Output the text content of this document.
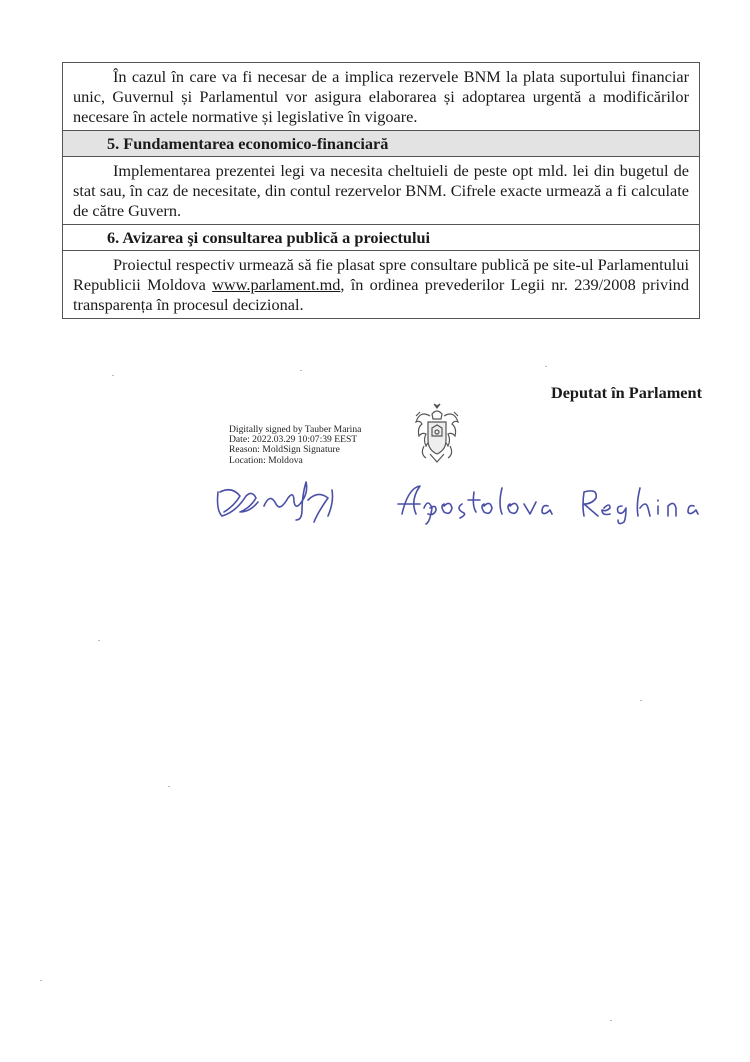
În cazul în care va fi necesar de a implica rezervele BNM la plata suportului financiar unic, Guvernul și Parlamentul vor asigura elaborarea și adoptarea urgentă a modificărilor necesare în actele normative și legislative în vigoare.
5. Fundamentarea economico-financiară
Implementarea prezentei legi va necesita cheltuieli de peste opt mld. lei din bugetul de stat sau, în caz de necesitate, din contul rezervelor BNM. Cifrele exacte urmează a fi calculate de către Guvern.
6. Avizarea şi consultarea publică a proiectului
Proiectul respectiv urmează să fie plasat spre consultare publică pe site-ul Parlamentului Republicii Moldova www.parlament.md, în ordinea prevederilor Legii nr. 239/2008 privind transparența în procesul decizional.
Deputat în Parlament
Digitally signed by Tauber Marina
Date: 2022.03.29 10:07:39 EEST
Reason: MoldSign Signature
Location: Moldova
